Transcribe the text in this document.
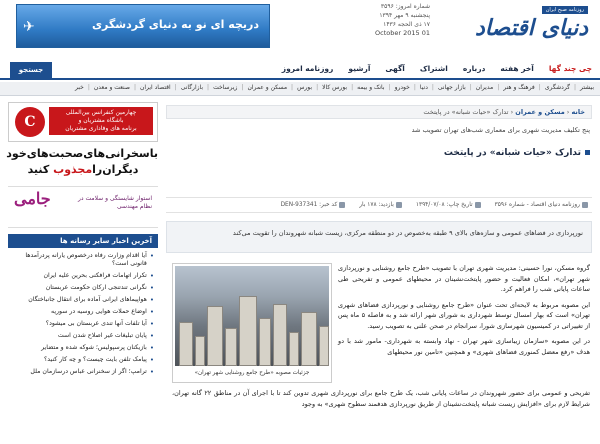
روزنامه صبح ایران
دنیای اقتصاد
شماره امروز: ۳۵۹۶
پنجشنبه ۹ مهر ۱۳۹۴
۱۷ ذی الحجه ۱۴۳۶
01 October 2015
✈	دریچه ای نو به دنیای گردشگری
روزنامه امروز آرشیو آگهی اشتراک درباره آخر هفته چی چند گها
جستجو
خبر | صنعت و معدن | اقتصاد ایران | بازارگانی | زیرساخت | مسکن و عمران | بورس | بورس کالا | بانک و بیمه | خودرو | دنیا | بازار جهانی | مدیران | فرهنگ و هنر | گردشگری | بیشتر
C
چهارمین کنفرانس بین‌المللی
باشگاه مشتریان و
برنامه های وفاداری مشتریان
باسخرانی‌های‌صحبت‌های‌خود
دیگران‌رامجذوب کنید
جامی	استوار شایستگی و سلامت در نظام مهندسی
آخرین اخبار سایر رسانه ها
•
آیا اقدام وزارت رفاه درخصوص یارانه پردرآمدها قانونی است؟
•
تکرار اتهامات فرافکنی بحرین علیه ایران
•
نگرانی تندتنجی ارکان حکومت عربستان
•
هواپیماهای ایرانی آماده برای انتقال جانباختگان
•
اوضاع حملات هوایی روسیه در سوریه
•
آیا تلفات آنها تندی عربستان بی میشود؟
•
پایان تبلیغات غیر اصلاح شدن است
•
بازیکنان پرسپولیس؛ شوکه شده و متضایر
•
پیامک تلفن بایت چیست؟ و چه کار کنید؟
•
ترامپ؛ اگر از سخنرانی عباس درسازمان ملل
خانه ‹ مسکن و عمران ‹ تدارک «حیات شبانه» در پایتخت
پنج تکلیف مدیریت شهری برای معماری شب‌های تهران تصویب شد
تدارک «حیات شبانه» در پایتخت
روزنامه دنیای اقتصاد - شماره ۳۵۹۶
تاریخ چاپ: ۱۳۹۴/۰۷/۰۸
بازدید: ۱۷۸ بار
کد خبر: DEN-937341
نورپردازی در فضاهای عمومی و سازه‌های بالای ۹ طبقه به‌خصوص در دو منطقه مرکزی، زیست شبانه شهروندان را تقویت می‌کند
جزئیات مصوبه «طرح جامع روشنایی شهر تهران»

گروه مسکن، نورا حسینی: مدیریت شهری تهران با تصویب «طرح جامع روشنایی و نورپردازی شهر تهران»، امکان فعالیت و حضور پایتخت‌نشینان در محیطهای عمومی و تفریحی طی ساعات پایانی شب را فراهم کرد.

این مصوبه مربوط به لایحه‌ای تحت عنوان «طرح جامع روشنایی و نورپردازی فضاهای شهری تهران» است که بهار امسال توسط شهرداری به شورای شهر ارائه شد و به فاصله ۵ ماه پس از تغییراتی در کمیسیون شهرسازی شورا، سرانجام در صحن علنی به تصویب رسید.

در این مصوبه «سازمان زیباسازی شهر تهران - نهاد وابسته به شهرداری- مامور شد با دو هدف «رفع معضل کمنوری فضاهای شهری» و همچنین «تامین نور محیطهای

تفریحی و عمومی برای حضور شهروندان در ساعات پایانی شب، یک طرح جامع برای نورپردازی شهری تدوین کند تا با اجرای آن در مناطق ۲۲ گانه تهران، شرایط لازم برای «افزایش زیست شبانه پایتخت‌نشینان از طریق نورپردازی هدفمند سطوح شهری» به وجود
